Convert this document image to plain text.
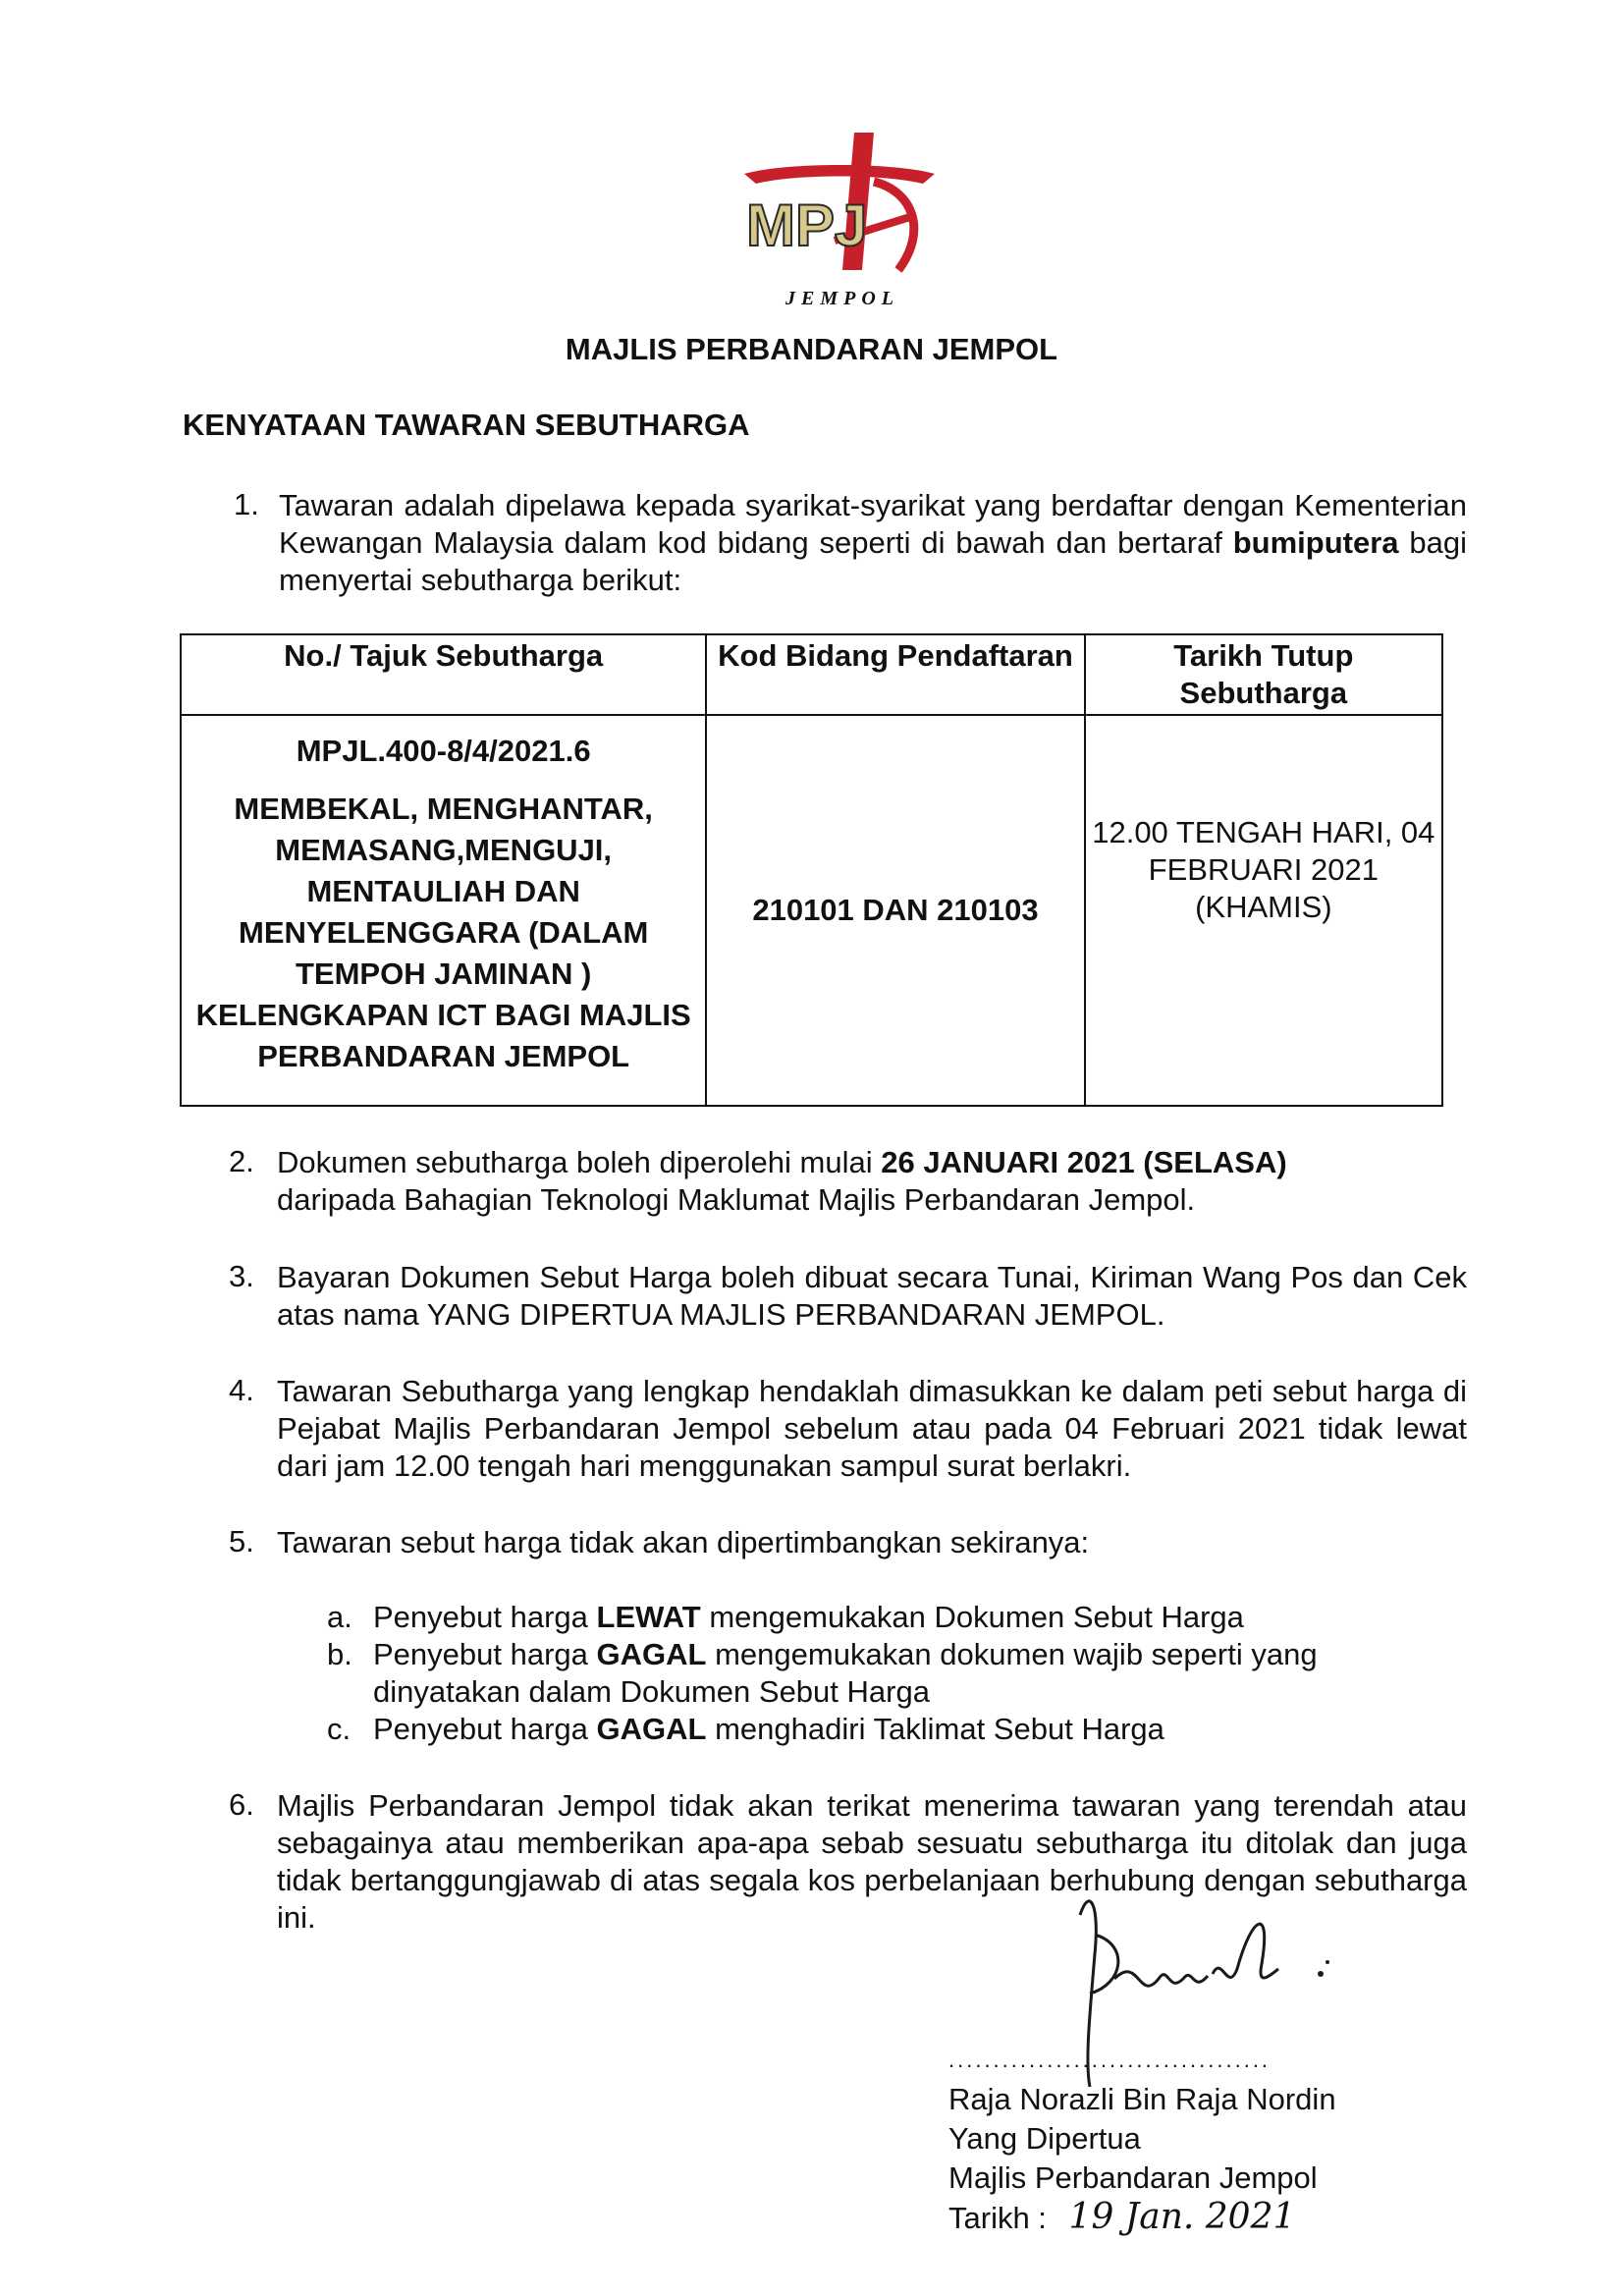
MPJ
JEMPOL
MAJLIS PERBANDARAN JEMPOL
KENYATAAN TAWARAN SEBUTHARGA
1. Tawaran adalah dipelawa kepada syarikat-syarikat yang berdaftar dengan Kementerian Kewangan Malaysia dalam kod bidang seperti di bawah dan bertaraf bumiputera bagi menyertai sebutharga berikut:
No./ Tajuk Sebutharga	Kod Bidang Pendaftaran	Tarikh Tutup Sebutharga

MPJL.400-8/4/2021.6
MEMBEKAL, MENGHANTAR, MEMASANG,MENGUJI, MENTAULIAH DAN MENYELENGGARA (DALAM TEMPOH JAMINAN ) KELENGKAPAN ICT BAGI MAJLIS PERBANDARAN JEMPOL	210101 DAN 210103	12.00 TENGAH HARI, 04 FEBRUARI 2021 (KHAMIS)
2. Dokumen sebutharga boleh diperolehi mulai 26 JANUARI 2021 (SELASA)
daripada Bahagian Teknologi Maklumat Majlis Perbandaran Jempol.
3. Bayaran Dokumen Sebut Harga boleh dibuat secara Tunai, Kiriman Wang Pos dan Cek atas nama YANG DIPERTUA MAJLIS PERBANDARAN JEMPOL.
4. Tawaran Sebutharga yang lengkap hendaklah dimasukkan ke dalam peti sebut harga di Pejabat Majlis Perbandaran Jempol sebelum atau pada 04 Februari 2021 tidak lewat dari jam 12.00 tengah hari menggunakan sampul surat berlakri.
5. Tawaran sebut harga tidak akan dipertimbangkan sekiranya:
a. Penyebut harga LEWAT mengemukakan Dokumen Sebut Harga
b. Penyebut harga GAGAL mengemukakan dokumen wajib seperti yang dinyatakan dalam Dokumen Sebut Harga
c. Penyebut harga GAGAL menghadiri Taklimat Sebut Harga
6. Majlis Perbandaran Jempol tidak akan terikat menerima tawaran yang terendah atau sebagainya atau memberikan apa-apa sebab sesuatu sebutharga itu ditolak dan juga tidak bertanggungjawab di atas segala kos perbelanjaan berhubung dengan sebutharga ini.
....................................
Raja Norazli Bin Raja Nordin
Yang Dipertua
Majlis Perbandaran Jempol
Tarikh : 19 Jan. 2021
